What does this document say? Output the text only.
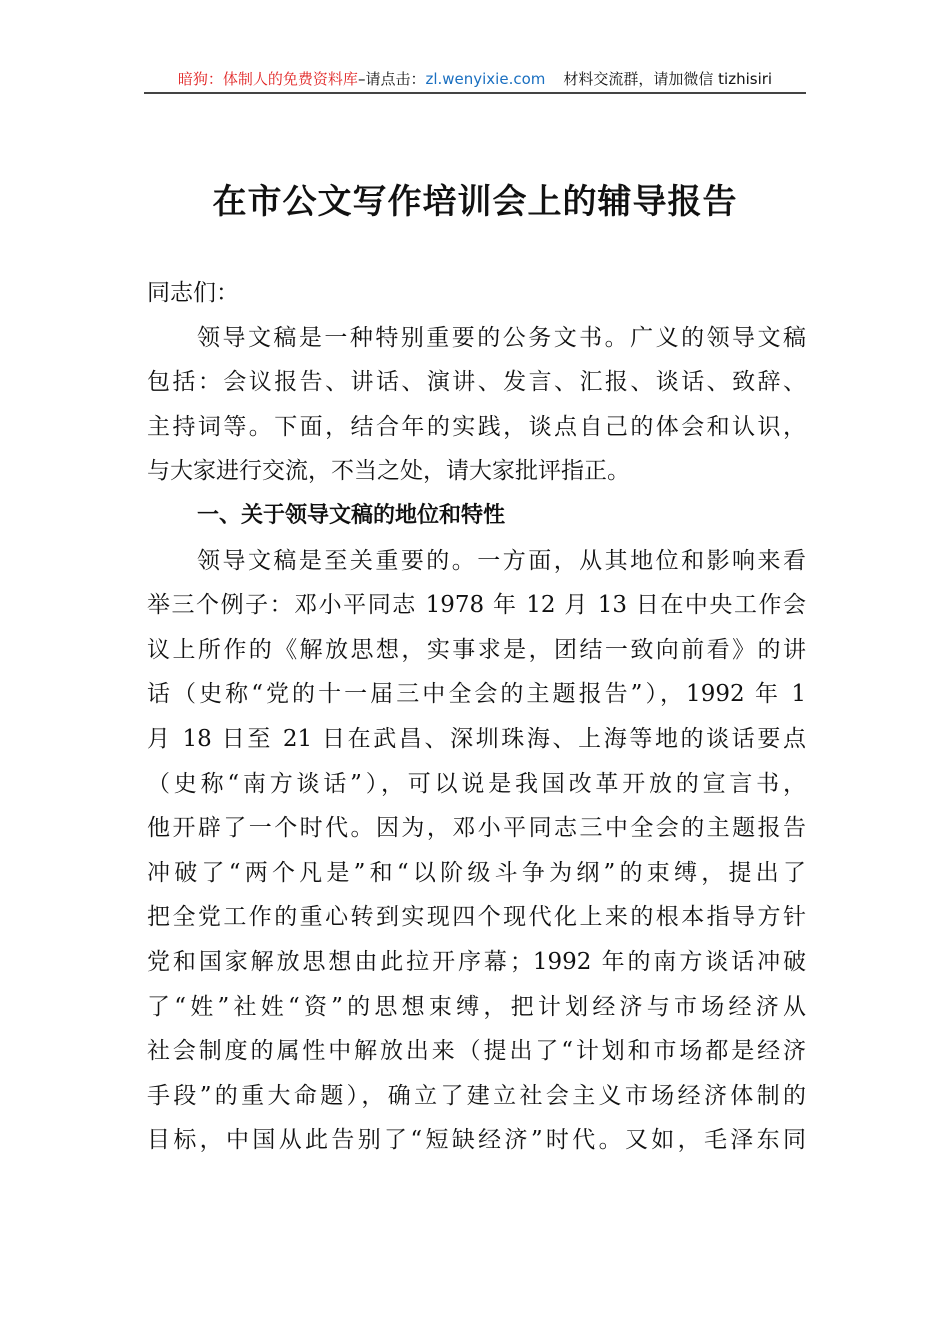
暗狗：体制人的免费资料库–请点击：zl.wenyixie.com 材料交流群，请加微信 tizhisiri
在市公文写作培训会上的辅导报告
同志们：
领导文稿是一种特别重要的公务文书。广义的领导文稿
包括：会议报告、讲话、演讲、发言、汇报、谈话、致辞、
主持词等。下面，结合年的实践，谈点自己的体会和认识，
与大家进行交流，不当之处，请大家批评指正。
一、关于领导文稿的地位和特性
领导文稿是至关重要的。一方面，从其地位和影响来看
举三个例子：邓小平同志 1978 年 12 月 13 日在中央工作会
议上所作的《解放思想，实事求是，团结一致向前看》的讲
话（史称“党的十一届三中全会的主题报告”），1992 年 1
月 18 日至 21 日在武昌、深圳珠海、上海等地的谈话要点
（史称“南方谈话”），可以说是我国改革开放的宣言书，
他开辟了一个时代。因为，邓小平同志三中全会的主题报告
冲破了“两个凡是”和“以阶级斗争为纲”的束缚，提出了
把全党工作的重心转到实现四个现代化上来的根本指导方针
党和国家解放思想由此拉开序幕；1992 年的南方谈话冲破
了“姓”社姓“资”的思想束缚，把计划经济与市场经济从
社会制度的属性中解放出来（提出了“计划和市场都是经济
手段”的重大命题），确立了建立社会主义市场经济体制的
目标，中国从此告别了“短缺经济”时代。又如，毛泽东同
